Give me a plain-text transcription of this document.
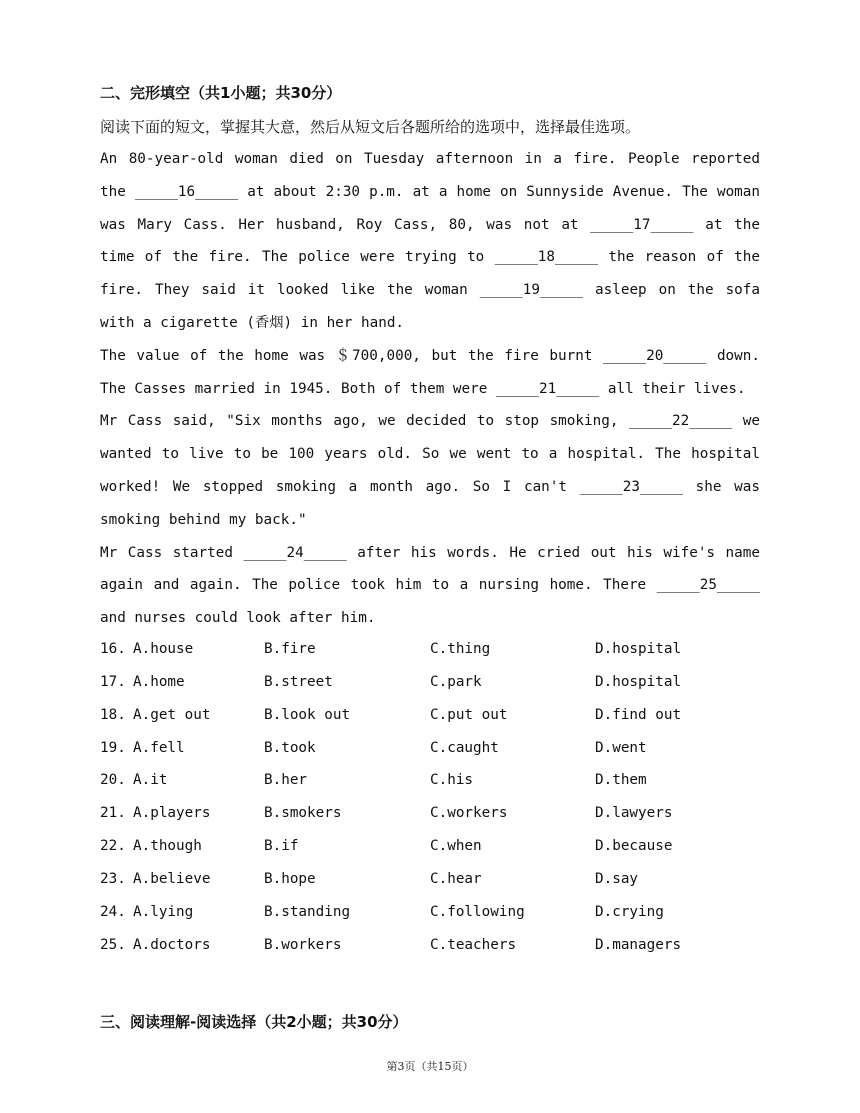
二、完形填空（共1小题；共30分）
阅读下面的短文，掌握其大意，然后从短文后各题所给的选项中，选择最佳选项。

An 80-year-old woman died on Tuesday afternoon in a fire. People reported the _____16_____ at about 2:30 p.m. at a home on Sunnyside Avenue. The woman was Mary Cass. Her husband, Roy Cass, 80, was not at _____17_____ at the time of the fire. The police were trying to _____18_____ the reason of the fire. They said it looked like the woman _____19_____ asleep on the sofa with a cigarette (香烟) in her hand.

The value of the home was ＄700,000, but the fire burnt _____20_____ down. The Casses married in 1945. Both of them were _____21_____ all their lives.

Mr Cass said, "Six months ago, we decided to stop smoking, _____22_____ we wanted to live to be 100 years old. So we went to a hospital. The hospital worked! We stopped smoking a month ago. So I can't _____23_____ she was smoking behind my back."

Mr Cass started _____24_____ after his words. He cried out his wife's name again and again. The police took him to a nursing home. There _____25_____ and nurses could look after him.

16. A.house	B.fire	C.thing	D.hospital
17. A.home	B.street	C.park	D.hospital
18. A.get out	B.look out	C.put out	D.find out
19. A.fell	B.took	C.caught	D.went
20. A.it	B.her	C.his	D.them
21. A.players	B.smokers	C.workers	D.lawyers
22. A.though	B.if	C.when	D.because
23. A.believe	B.hope	C.hear	D.say
24. A.lying	B.standing	C.following	D.crying
25. A.doctors	B.workers	C.teachers	D.managers
三、阅读理解-阅读选择（共2小题；共30分）
第3页（共15页）
